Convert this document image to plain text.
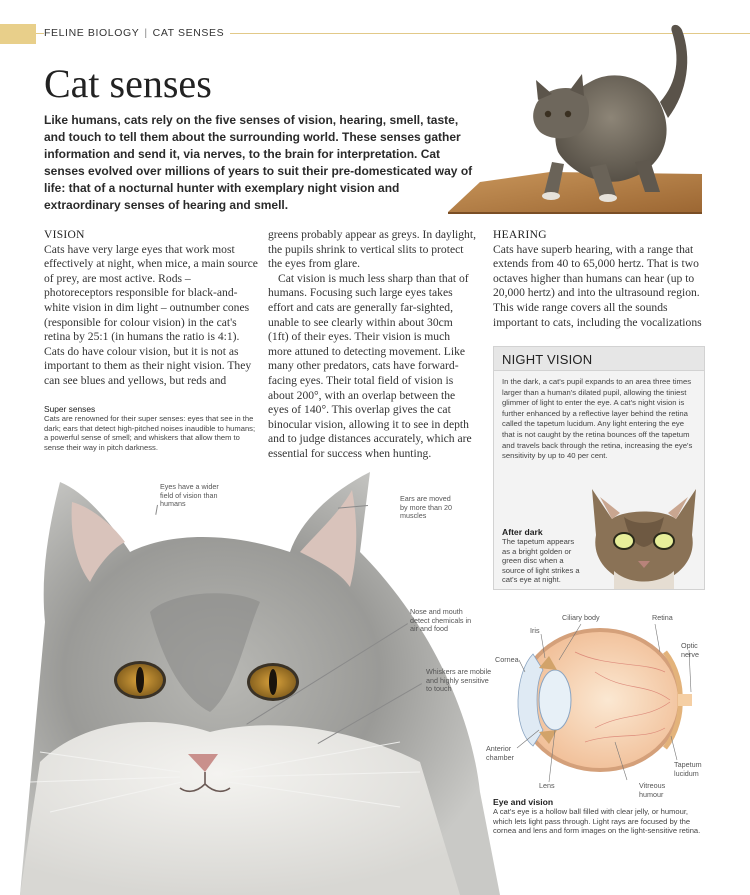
FELINE BIOLOGY | CAT SENSES
Cat senses

Like humans, cats rely on the five senses of vision, hearing, smell, taste, and touch to tell them about the surrounding world. These senses gather information and send it, via nerves, to the brain for interpretation. Cat senses evolved over millions of years to suit their pre-domesticated way of life: that of a nocturnal hunter with exemplary night vision and extraordinary senses of hearing and smell.

VISION

Cats have very large eyes that work most effectively at night, when mice, a main source of prey, are most active. Rods – photoreceptors responsible for black-and-white vision in dim light – outnumber cones (responsible for colour vision) in the cat's retina by 25:1 (in humans the ratio is 4:1). Cats do have colour vision, but it is not as important to them as their night vision. They can see blues and yellows, but reds and

Super senses
Cats are renowned for their super senses: eyes that see in the dark; ears that detect high-pitched noises inaudible to humans; a powerful sense of smell; and whiskers that allow them to sense their way in pitch darkness.

greens probably appear as greys. In daylight, the pupils shrink to vertical slits to protect the eyes from glare.

Cat vision is much less sharp than that of humans. Focusing such large eyes takes effort and cats are generally far-sighted, unable to see clearly within about 30cm (1ft) of their eyes. Their vision is much more attuned to detecting movement. Like many other predators, cats have forward-facing eyes. Their total field of vision is about 200°, with an overlap between the eyes of 140°. This overlap gives the cat binocular vision, allowing it to see in depth and to judge distances accurately, which are essential for success when hunting.

HEARING

Cats have superb hearing, with a range that extends from 40 to 65,000 hertz. That is two octaves higher than humans can hear (up to 20,000 hertz) and into the ultrasound region. This wide range covers all the sounds important to cats, including the vocalizations

Eyes have a wider field of vision than humans
Ears are moved by more than 20 muscles
Nose and mouth detect chemicals in air and food
Whiskers are mobile and highly sensitive to touch
NIGHT VISION
In the dark, a cat's pupil expands to an area three times larger than a human's dilated pupil, allowing the tiniest glimmer of light to enter the eye. A cat's night vision is further enhanced by a reflective layer behind the retina called the tapetum lucidum. Any light entering the eye that is not caught by the retina bounces off the tapetum and travels back through the retina, increasing the eye's sensitivity by up to 40 per cent.
After dark
The tapetum appears as a bright golden or green disc when a source of light strikes a cat's eye at night.
Ciliary body	Retina
Iris
Optic nerve
Cornea
Anterior chamber
Tapetum lucidum
Lens	Vitreous humour
Eye and vision
A cat's eye is a hollow ball filled with clear jelly, or humour, which lets light pass through. Light rays are focused by the cornea and lens and form images on the light-sensitive retina.
